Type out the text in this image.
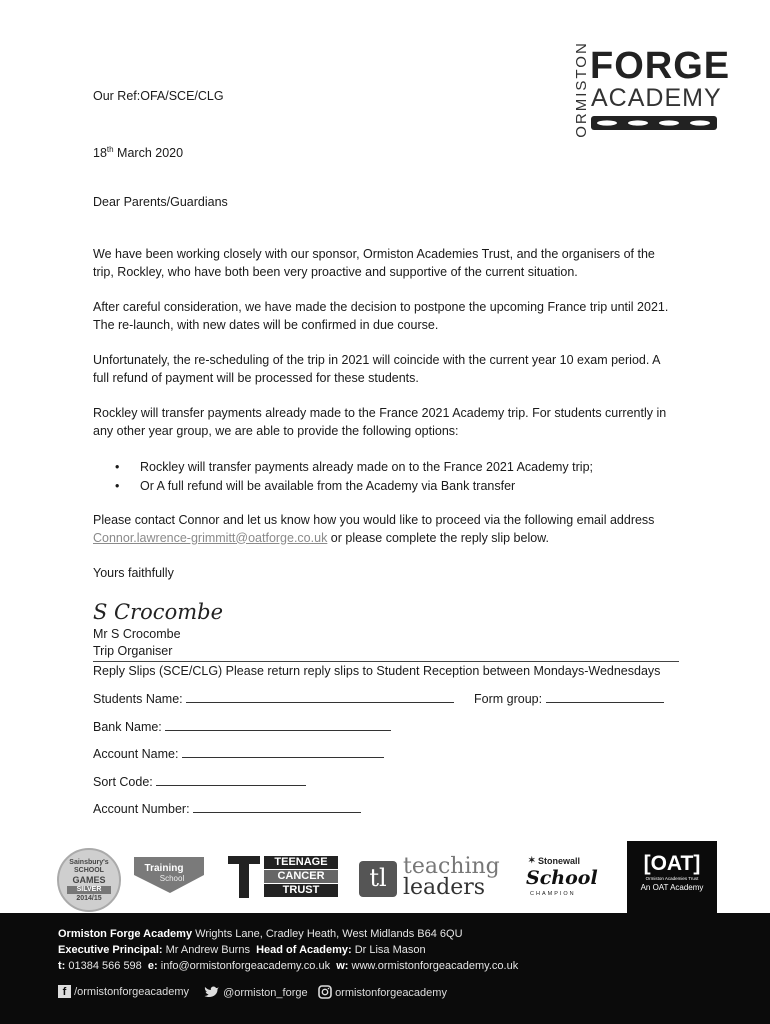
ORMISTON FORGE
ACADEMY

Our Ref:OFA/SCE/CLG

18th March 2020

Dear Parents/Guardians

We have been working closely with our sponsor, Ormiston Academies Trust, and the organisers of the trip, Rockley, who have both been very proactive and supportive of the current situation.

After careful consideration, we have made the decision to postpone the upcoming France trip until 2021. The re-launch, with new dates will be confirmed in due course.

Unfortunately, the re-scheduling of the trip in 2021 will coincide with the current year 10 exam period. A full refund of payment will be processed for these students.

Rockley will transfer payments already made to the France 2021 Academy trip. For students currently in any other year group, we are able to provide the following options:

• Rockley will transfer payments already made on to the France 2021 Academy trip;
• Or A full refund will be available from the Academy via Bank transfer

Please contact Connor and let us know how you would like to proceed via the following email address Connor.lawrence-grimmitt@oatforge.co.uk or please complete the reply slip below.

Yours faithfully

S Crocombe

Mr S Crocombe

Trip Organiser

Reply Slips (SCE/CLG) Please return reply slips to Student Reception between Mondays-Wednesdays

Students Name:	Form group:

Bank Name:

Account Name:

Sort Code:

Account Number:

Sainsbury's
SCHOOL
GAMES
SILVER
2014/15
Training
School
TEENAGE
CANCER
TRUST	tl teaching
leaders
✶ Stonewall
School
CHAMPION
[OAT]
Ormiston Academies Trust
An OAT Academy
Ormiston Forge Academy Wrights Lane, Cradley Heath, West Midlands B64 6QU
Executive Principal: Mr Andrew Burns Head of Academy: Dr Lisa Mason
t: 01384 566 598 e: info@ormistonforgeacademy.co.uk w: www.ormistonforgeacademy.co.uk
f /ormistonforgeacademy	@ormiston_forge	ormistonforgeacademy
